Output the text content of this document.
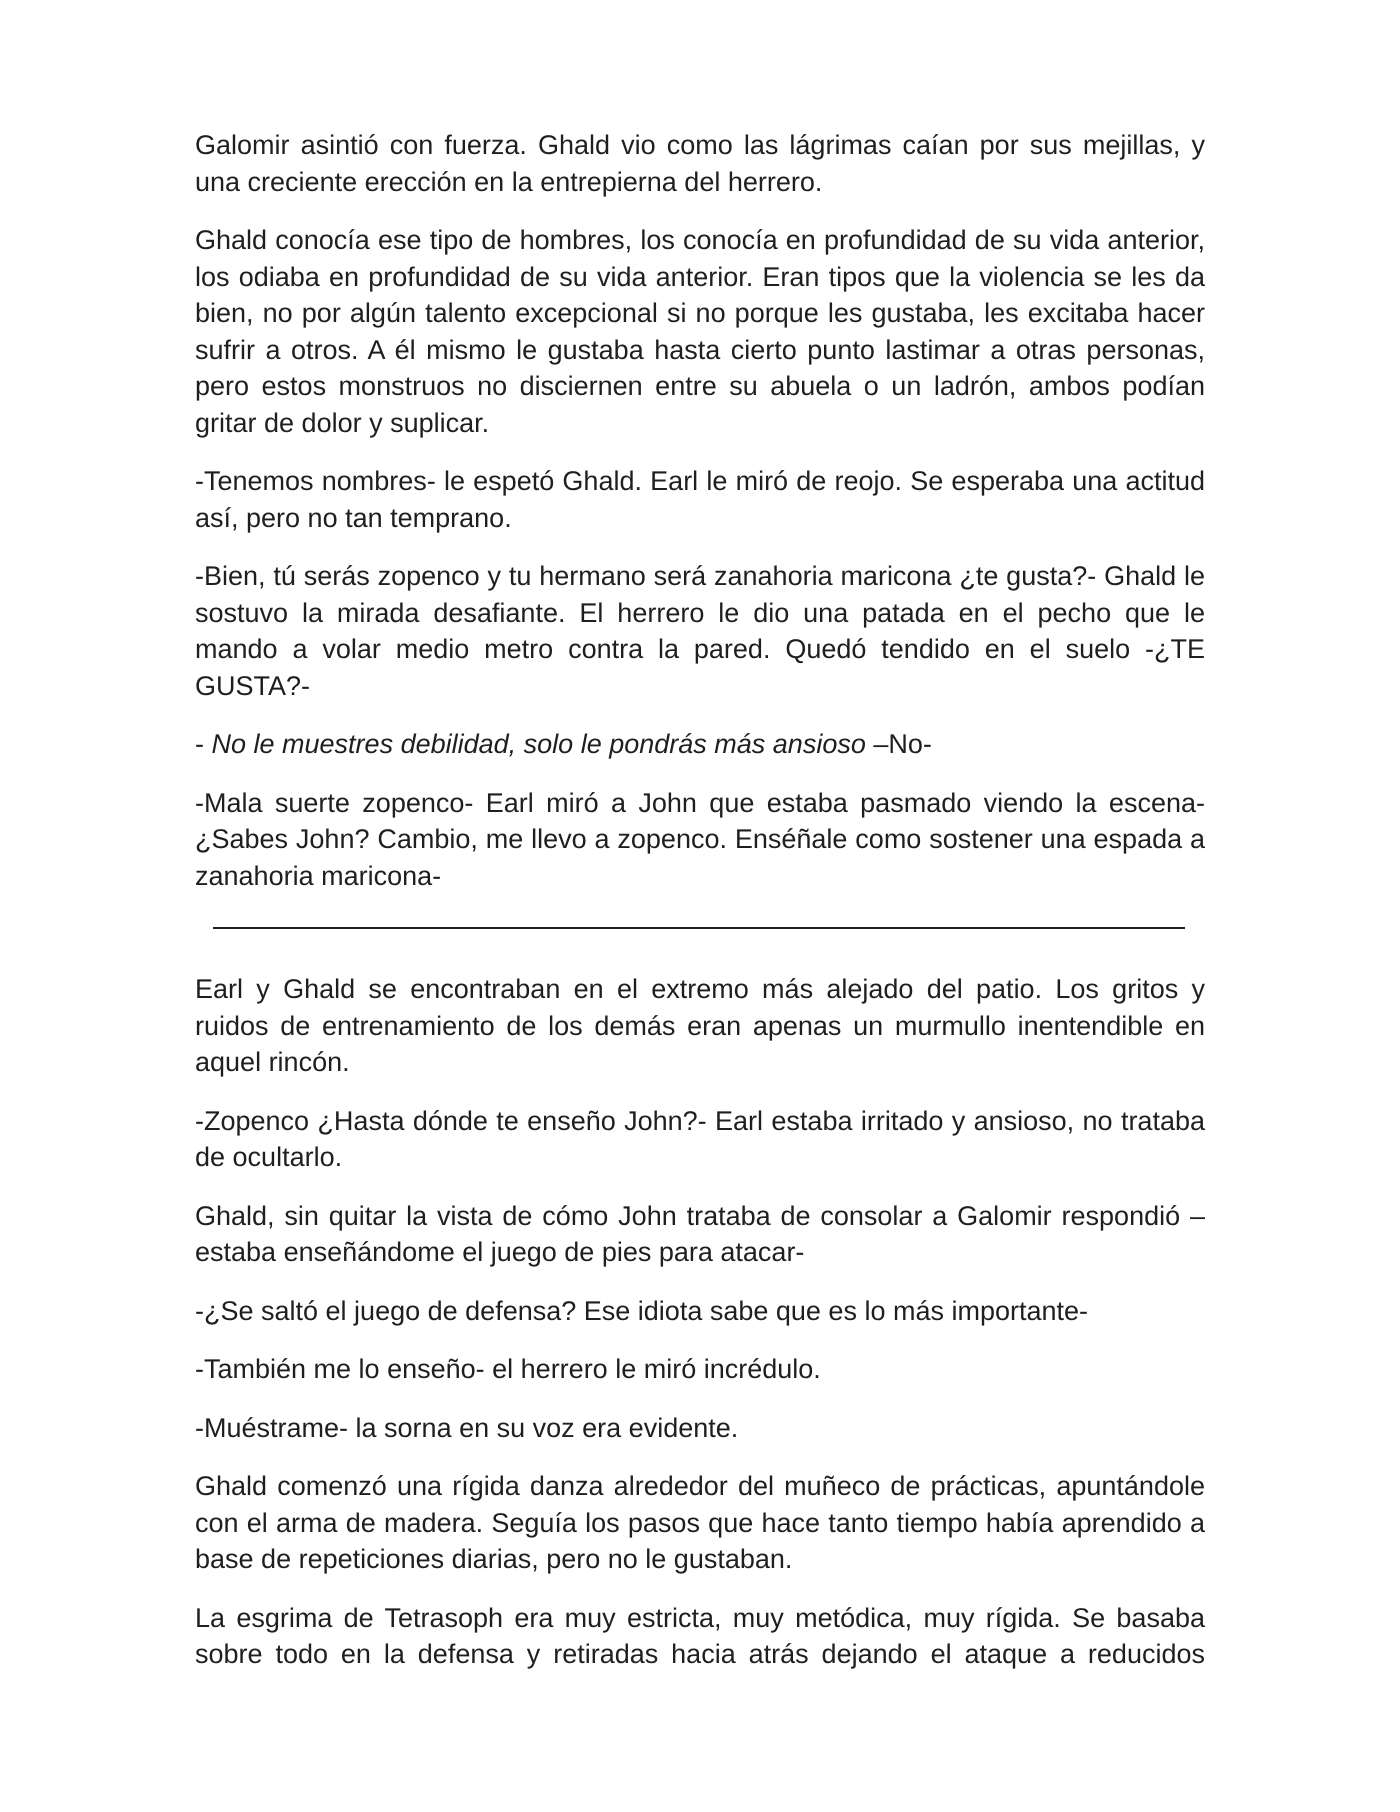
Galomir asintió con fuerza. Ghald vio como las lágrimas caían por sus mejillas, y una creciente erección en la entrepierna del herrero.

Ghald conocía ese tipo de hombres, los conocía en profundidad de su vida anterior, los odiaba en profundidad de su vida anterior. Eran tipos que la violencia se les da bien, no por algún talento excepcional si no porque les gustaba, les excitaba hacer sufrir a otros. A él mismo le gustaba hasta cierto punto lastimar a otras personas, pero estos monstruos no disciernen entre su abuela o un ladrón, ambos podían gritar de dolor y suplicar.

-Tenemos nombres- le espetó Ghald. Earl le miró de reojo. Se esperaba una actitud así, pero no tan temprano.

-Bien, tú serás zopenco y tu hermano será zanahoria maricona ¿te gusta?- Ghald le sostuvo la mirada desafiante. El herrero le dio una patada en el pecho que le mando a volar medio metro contra la pared. Quedó tendido en el suelo -¿TE GUSTA?-

- No le muestres debilidad, solo le pondrás más ansioso –No-

-Mala suerte zopenco- Earl miró a John que estaba pasmado viendo la escena- ¿Sabes John? Cambio, me llevo a zopenco. Enséñale como sostener una espada a zanahoria maricona-

Earl y Ghald se encontraban en el extremo más alejado del patio. Los gritos y ruidos de entrenamiento de los demás eran apenas un murmullo inentendible en aquel rincón.

-Zopenco ¿Hasta dónde te enseño John?- Earl estaba irritado y ansioso, no trataba de ocultarlo.

Ghald, sin quitar la vista de cómo John trataba de consolar a Galomir respondió –estaba enseñándome el juego de pies para atacar-

-¿Se saltó el juego de defensa? Ese idiota sabe que es lo más importante-

-También me lo enseño- el herrero le miró incrédulo.

-Muéstrame- la sorna en su voz era evidente.

Ghald comenzó una rígida danza alrededor del muñeco de prácticas, apuntándole con el arma de madera. Seguía los pasos que hace tanto tiempo había aprendido a base de repeticiones diarias, pero no le gustaban.

La esgrima de Tetrasoph era muy estricta, muy metódica, muy rígida. Se basaba sobre todo en la defensa y retiradas hacia atrás dejando el ataque a reducidos
